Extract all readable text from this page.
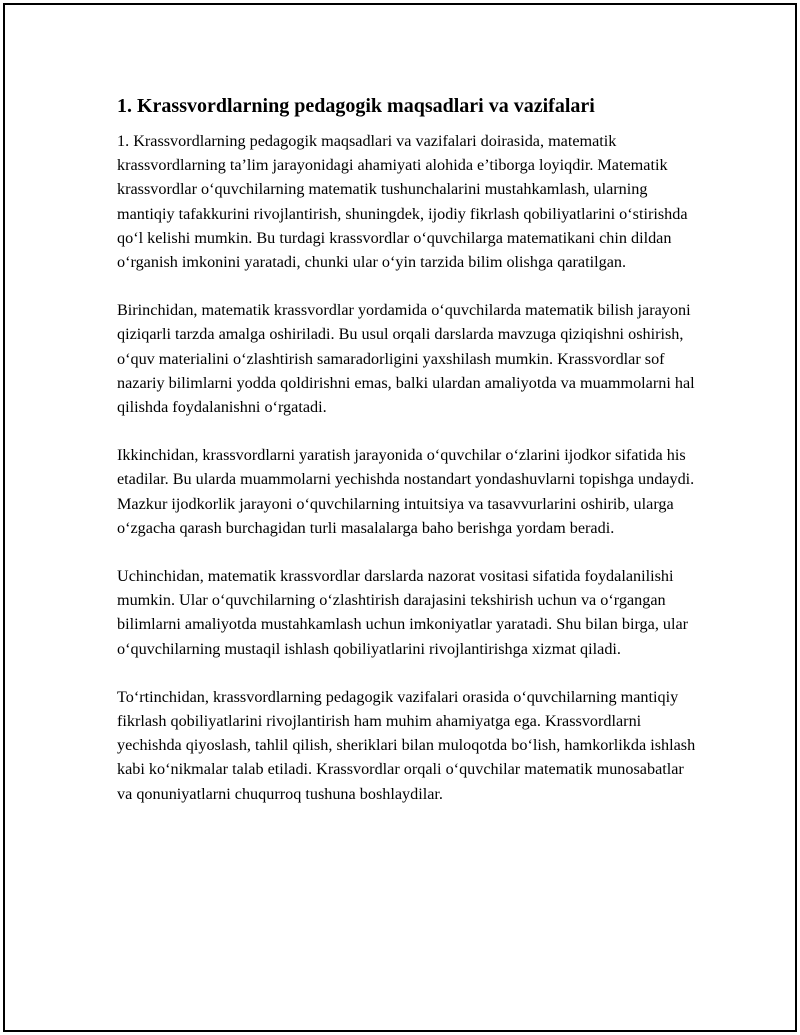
1. Krassvordlarning pedagogik maqsadlari va vazifalari

1. Krassvordlarning pedagogik maqsadlari va vazifalari doirasida, matematik krassvordlarning ta’lim jarayonidagi ahamiyati alohida e’tiborga loyiqdir. Matematik krassvordlar o‘quvchilarning matematik tushunchalarini mustahkamlash, ularning mantiqiy tafakkurini rivojlantirish, shuningdek, ijodiy fikrlash qobiliyatlarini o‘stirishda qo‘l kelishi mumkin. Bu turdagi krassvordlar o‘quvchilarga matematikani chin dildan o‘rganish imkonini yaratadi, chunki ular o‘yin tarzida bilim olishga qaratilgan.

Birinchidan, matematik krassvordlar yordamida o‘quvchilarda matematik bilish jarayoni qiziqarli tarzda amalga oshiriladi. Bu usul orqali darslarda mavzuga qiziqishni oshirish, o‘quv materialini o‘zlashtirish samaradorligini yaxshilash mumkin. Krassvordlar sof nazariy bilimlarni yodda qoldirishni emas, balki ulardan amaliyotda va muammolarni hal qilishda foydalanishni o‘rgatadi.

Ikkinchidan, krassvordlarni yaratish jarayonida o‘quvchilar o‘zlarini ijodkor sifatida his etadilar. Bu ularda muammolarni yechishda nostandart yondashuvlarni topishga undaydi. Mazkur ijodkorlik jarayoni o‘quvchilarning intuitsiya va tasavvurlarini oshirib, ularga o‘zgacha qarash burchagidan turli masalalarga baho berishga yordam beradi.

Uchinchidan, matematik krassvordlar darslarda nazorat vositasi sifatida foydalanilishi mumkin. Ular o‘quvchilarning o‘zlashtirish darajasini tekshirish uchun va o‘rgangan bilimlarni amaliyotda mustahkamlash uchun imkoniyatlar yaratadi. Shu bilan birga, ular o‘quvchilarning mustaqil ishlash qobiliyatlarini rivojlantirishga xizmat qiladi.

To‘rtinchidan, krassvordlarning pedagogik vazifalari orasida o‘quvchilarning mantiqiy fikrlash qobiliyatlarini rivojlantirish ham muhim ahamiyatga ega. Krassvordlarni yechishda qiyoslash, tahlil qilish, sheriklari bilan muloqotda bo‘lish, hamkorlikda ishlash kabi ko‘nikmalar talab etiladi. Krassvordlar orqali o‘quvchilar matematik munosabatlar va qonuniyatlarni chuqurroq tushuna boshlaydilar.
